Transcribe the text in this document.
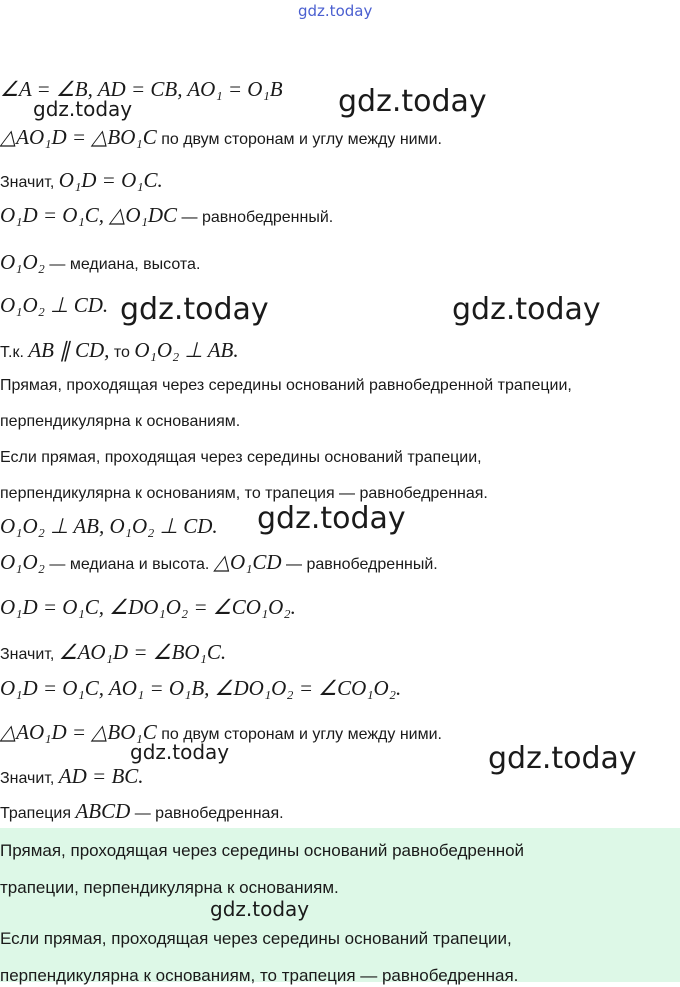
∠A = ∠B, AD = CB, AO₁ = O₁B
△AO₁D = △BO₁C по двум сторонам и углу между ними.
Значит, O₁D = O₁C.
O₁D = O₁C, △O₁DC — равнобедренный.
O₁O₂ — медиана, высота.
O₁O₂ ⊥ CD.
Т.к. AB ∥ CD, то O₁O₂ ⊥ AB.
Прямая, проходящая через середины оснований равнобедренной трапеции,
перпендикулярна к основаниям.
Если прямая, проходящая через середины оснований трапеции,
перпендикулярна к основаниям, то трапеция — равнобедренная.
O₁O₂ ⊥ AB, O₁O₂ ⊥ CD.
O₁O₂ — медиана и высота. △O₁CD — равнобедренный.
O₁D = O₁C, ∠DO₁O₂ = ∠CO₁O₂.
Значит, ∠AO₁D = ∠BO₁C.
O₁D = O₁C, AO₁ = O₁B, ∠DO₁O₂ = ∠CO₁O₂.
△AO₁D = △BO₁C по двум сторонам и углу между ними.
Значит, AD = BC.
Трапеция ABCD — равнобедренная.
Прямая, проходящая через середины оснований равнобедренной
трапеции, перпендикулярна к основаниям.
Если прямая, проходящая через середины оснований трапеции,
перпендикулярна к основаниям, то трапеция — равнобедренная.
gdz.today
gdz.today
gdz.today
gdz.today	gdz.today
gdz.today
gdz.today	gdz.today
gdz.today
